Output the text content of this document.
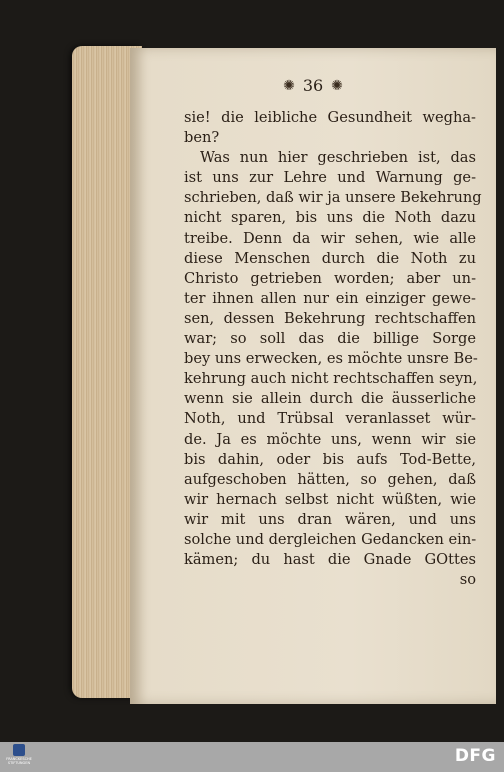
✺ 36 ✺
sie! die leibliche Gesundheit wegha-
ben?
Was nun hier geschrieben ist, das
ist uns zur Lehre und Warnung ge-
schrieben, daß wir ja unsere Bekehrung
nicht sparen, bis uns die Noth dazu
treibe. Denn da wir sehen, wie alle
diese Menschen durch die Noth zu
Christo getrieben worden; aber un-
ter ihnen allen nur ein einziger gewe-
sen, dessen Bekehrung rechtschaffen
war; so soll das die billige Sorge
bey uns erwecken, es möchte unsre Be-
kehrung auch nicht rechtschaffen seyn,
wenn sie allein durch die äusserliche
Noth, und Trübsal veranlasset wür-
de. Ja es möchte uns, wenn wir sie
bis dahin, oder bis aufs Tod-Bette,
aufgeschoben hätten, so gehen, daß
wir hernach selbst nicht wüßten, wie
wir mit uns dran wären, und uns
solche und dergleichen Gedancken ein-
kämen; du hast die Gnade GOttes
so
FRANCKESCHE STIFTUNGEN	DFG
